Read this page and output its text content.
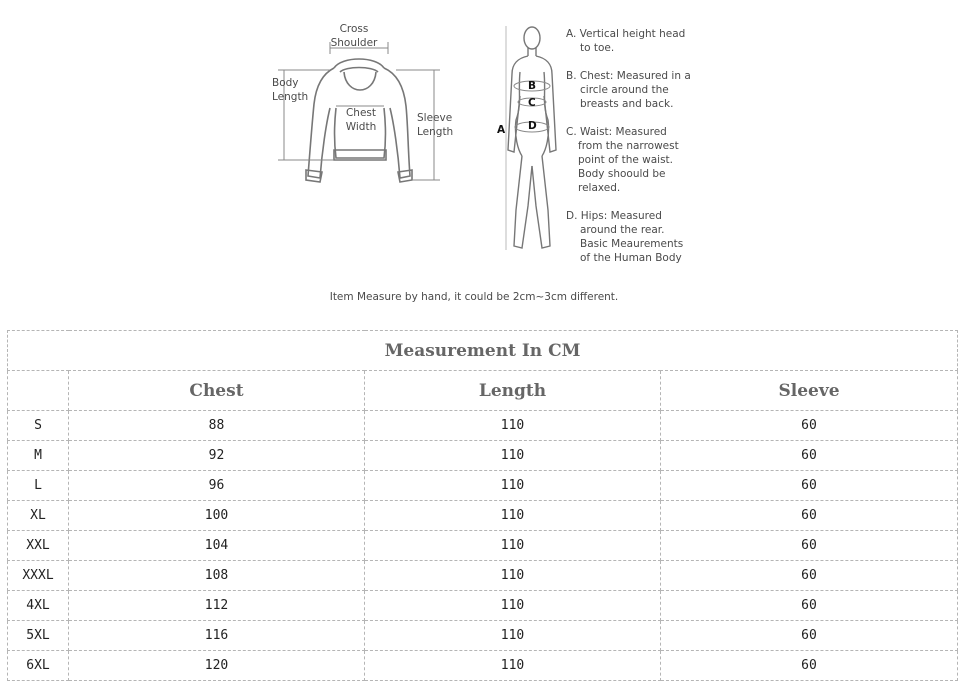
Cross
Shoulder
Body
Length
Chest
Width
Sleeve
Length	A
B
C
D
A. Vertical height head
to toe.
B. Chest: Measured in a
circle around the
breasts and back.
C. Waist: Measured
from the narrowest
point of the waist.
Body shoould be
relaxed.
D. Hips: Measured
around the rear.
Basic Meaurements
of the Human Body
Item Measure by hand, it could be 2cm~3cm different.
Measurement In CM			
	Chest	Length	Sleeve
S	88	110	60
M	92	110	60
L	96	110	60
XL	100	110	60
XXL	104	110	60
XXXL	108	110	60
4XL	112	110	60
5XL	116	110	60
6XL	120	110	60
